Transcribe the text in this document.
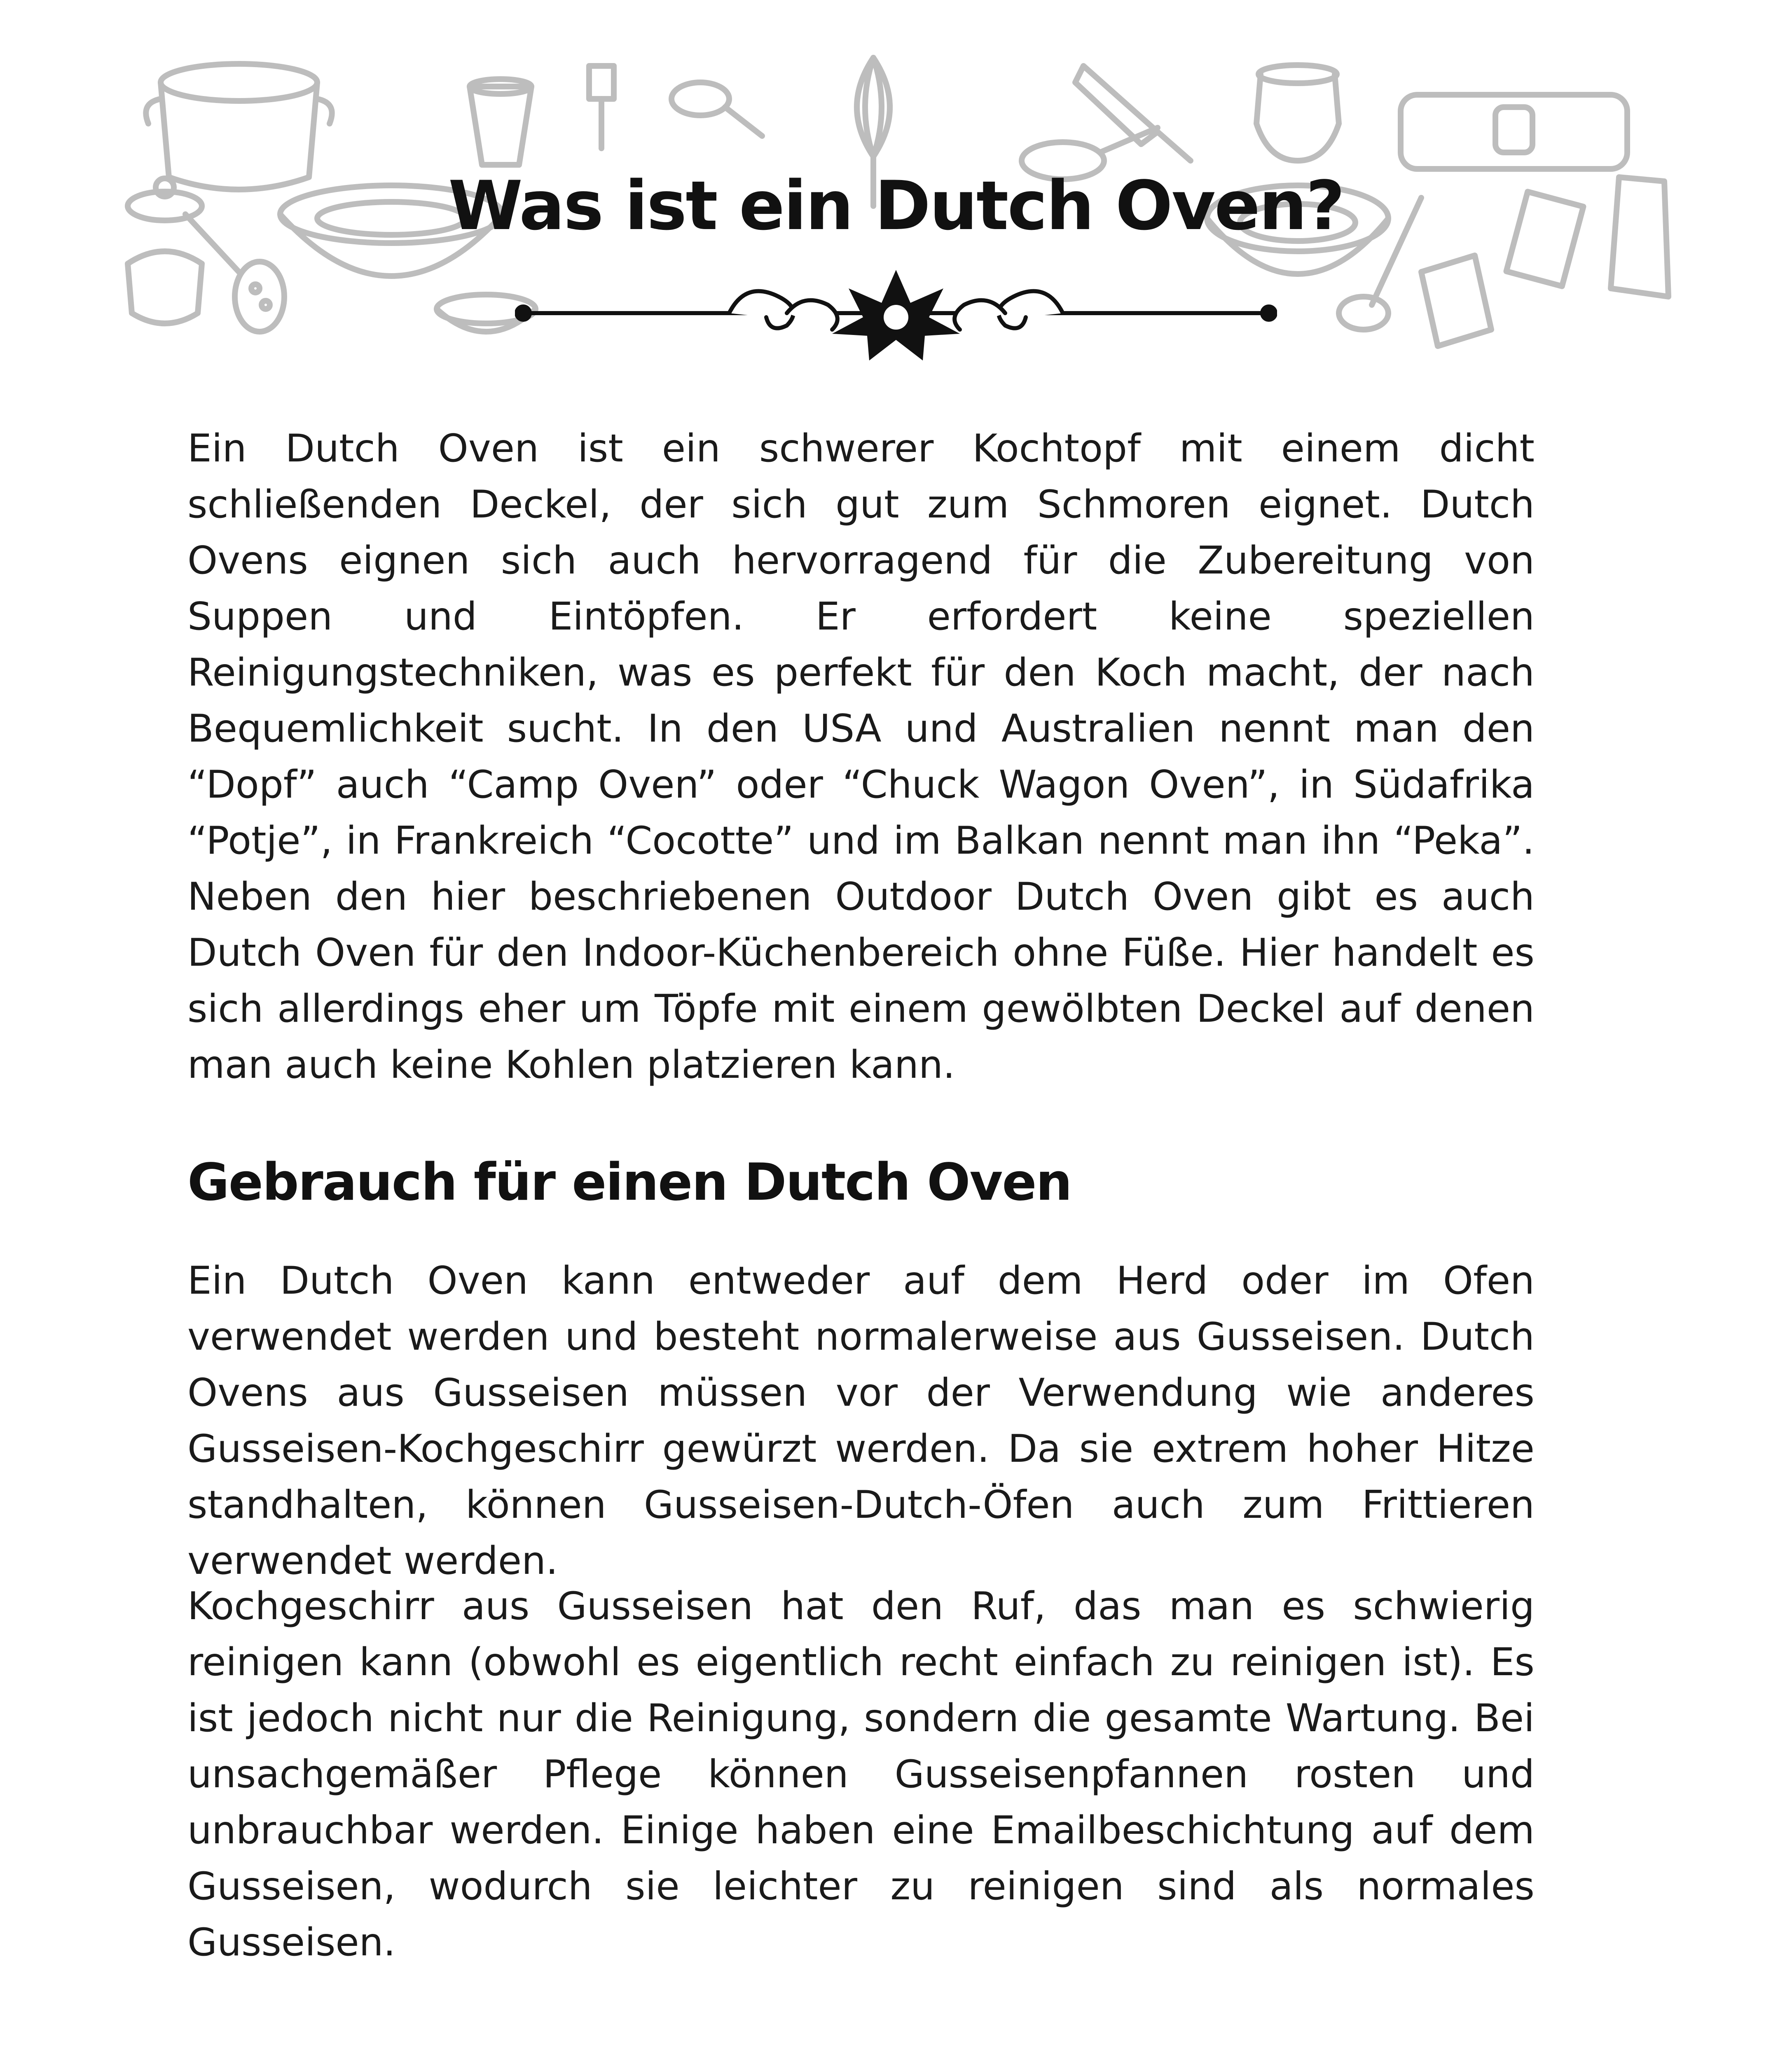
Was ist ein Dutch Oven?

Ein Dutch Oven ist ein schwerer Kochtopf mit einem dicht schließenden Deckel, der sich gut zum Schmoren eignet. Dutch Ovens eignen sich auch hervorragend für die Zubereitung von Suppen und Eintöpfen. Er erfordert keine speziellen Reinigungstechniken, was es perfekt für den Koch macht, der nach Bequemlichkeit sucht. In den USA und Australien nennt man den “Dopf” auch “Camp Oven” oder “Chuck Wagon Oven”, in Südafrika “Potje”, in Frankreich “Cocotte” und im Balkan nennt man ihn “Peka”. Neben den hier beschriebenen Outdoor Dutch Oven gibt es auch Dutch Oven für den Indoor-Küchenbereich ohne Füße. Hier handelt es sich allerdings eher um Töpfe mit einem gewölbten Deckel auf denen man auch keine Kohlen platzieren kann.

Gebrauch für einen Dutch Oven

Ein Dutch Oven kann entweder auf dem Herd oder im Ofen verwendet werden und besteht normalerweise aus Gusseisen. Dutch Ovens aus Gusseisen müssen vor der Verwendung wie anderes Gusseisen-Kochgeschirr gewürzt werden. Da sie extrem hoher Hitze standhalten, können Gusseisen-Dutch-Öfen auch zum Frittieren verwendet werden.

Kochgeschirr aus Gusseisen hat den Ruf, das man es schwierig reinigen kann (obwohl es eigentlich recht einfach zu reinigen ist). Es ist jedoch nicht nur die Reinigung, sondern die gesamte Wartung. Bei unsachgemäßer Pflege können Gusseisenpfannen rosten und unbrauchbar werden. Einige haben eine Emailbeschichtung auf dem Gusseisen, wodurch sie leichter zu reinigen sind als normales Gusseisen.
